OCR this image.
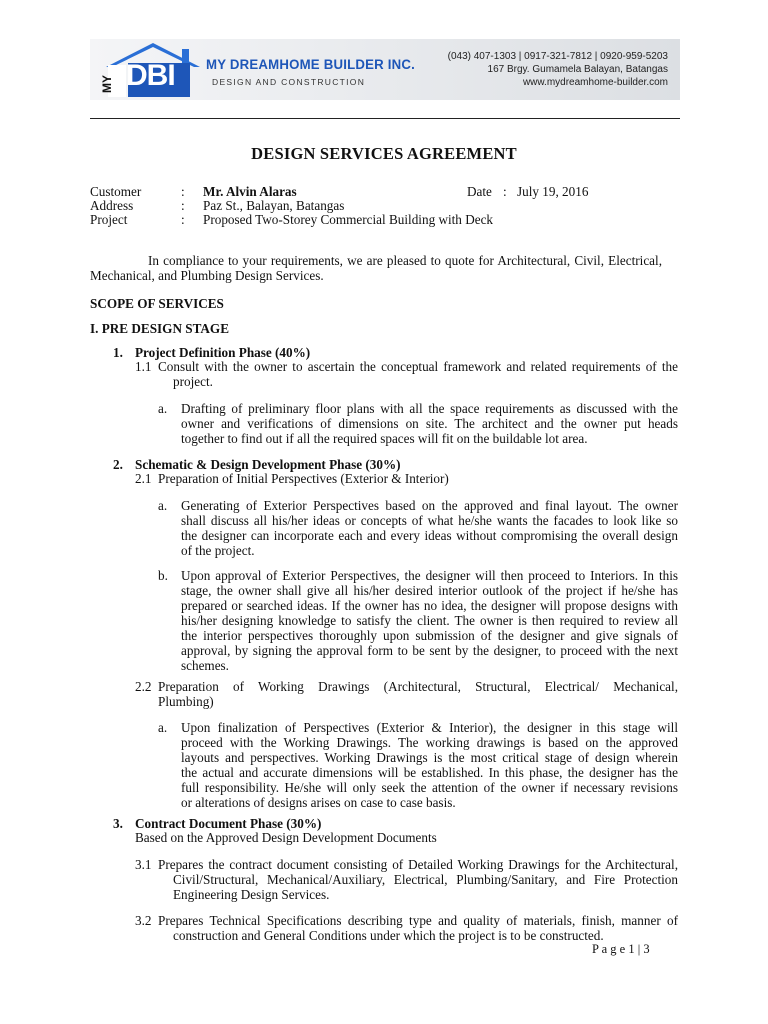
MY DBI MY DREAMHOME BUILDER INC.
DESIGN AND CONSTRUCTION
(043) 407-1303 | 0917-321-7812 | 0920-959-5203
167 Brgy. Gumamela Balayan, Batangas
www.mydreamhome-builder.com
DESIGN SERVICES AGREEMENT
Customer	: Mr. Alvin Alaras	Date : July 19, 2016
Address	: Paz St., Balayan, Batangas
Project	: Proposed Two-Storey Commercial Building with Deck
In compliance to your requirements, we are pleased to quote for Architectural, Civil, Electrical,
Mechanical, and Plumbing Design Services.
SCOPE OF SERVICES
I. PRE DESIGN STAGE
1. Project Definition Phase (40%)
1.1 Consult with the owner to ascertain the conceptual framework and related requirements of the
project.
a. Drafting of preliminary floor plans with all the space requirements as discussed with the
owner and verifications of dimensions on site. The architect and the owner put heads
together to find out if all the required spaces will fit on the buildable lot area.
2. Schematic & Design Development Phase (30%)
2.1 Preparation of Initial Perspectives (Exterior & Interior)
a. Generating of Exterior Perspectives based on the approved and final layout. The owner
shall discuss all his/her ideas or concepts of what he/she wants the facades to look like so
the designer can incorporate each and every ideas without compromising the overall design
of the project.
b. Upon approval of Exterior Perspectives, the designer will then proceed to Interiors. In this
stage, the owner shall give all his/her desired interior outlook of the project if he/she has
prepared or searched ideas. If the owner has no idea, the designer will propose designs with
his/her designing knowledge to satisfy the client. The owner is then required to review all
the interior perspectives thoroughly upon submission of the designer and give signals of
approval, by signing the approval form to be sent by the designer, to proceed with the next
schemes.
2.2 Preparation of Working Drawings (Architectural, Structural, Electrical/ Mechanical,
Plumbing)
a. Upon finalization of Perspectives (Exterior & Interior), the designer in this stage will
proceed with the Working Drawings. The working drawings is based on the approved
layouts and perspectives. Working Drawings is the most critical stage of design wherein
the actual and accurate dimensions will be established. In this phase, the designer has the
full responsibility. He/she will only seek the attention of the owner if necessary revisions
or alterations of designs arises on case to case basis.
3. Contract Document Phase (30%)
Based on the Approved Design Development Documents
3.1 Prepares the contract document consisting of Detailed Working Drawings for the Architectural,
Civil/Structural, Mechanical/Auxiliary, Electrical, Plumbing/Sanitary, and Fire Protection
Engineering Design Services.
3.2 Prepares Technical Specifications describing type and quality of materials, finish, manner of
construction and General Conditions under which the project is to be constructed.
P a g e 1 | 3
